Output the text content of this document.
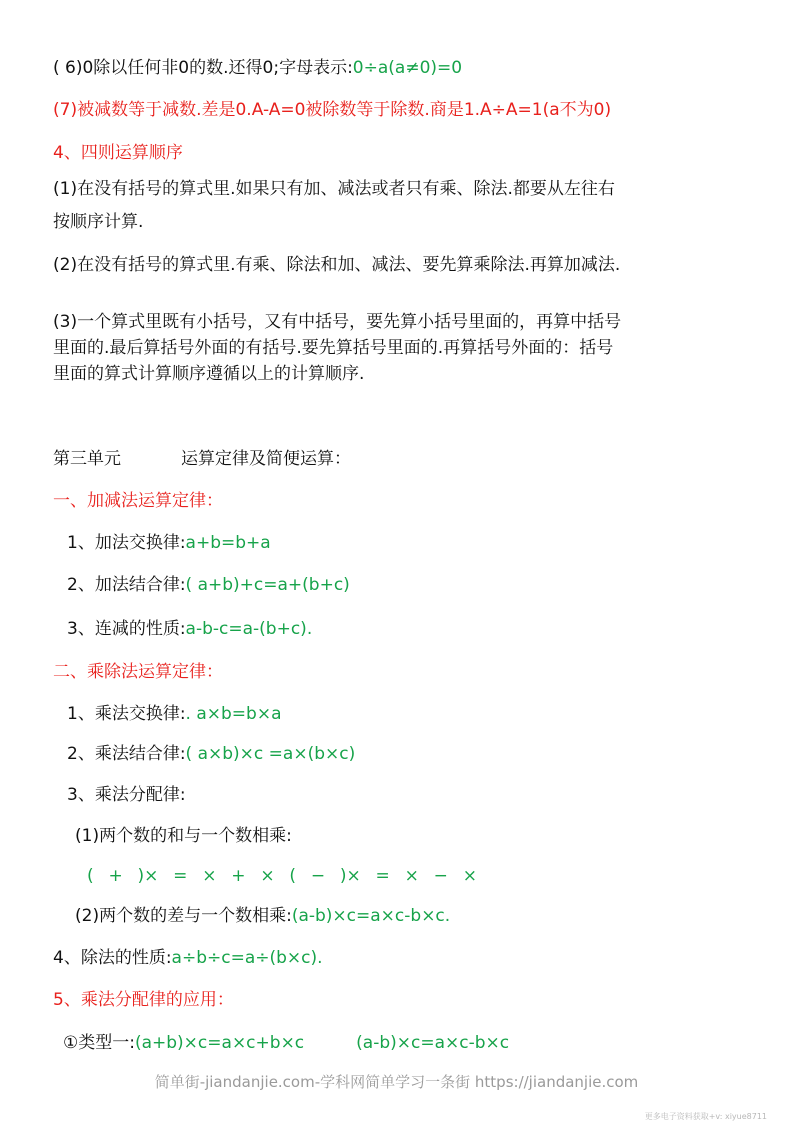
( 6)0除以任何非0的数.还得0;字母表示:0÷a(a≠0)=0
(7)被减数等于减数.差是0.A-A=0被除数等于除数.商是1.A÷A=1(a不为0)
4、四则运算顺序
(1)在没有括号的算式里.如果只有加、减法或者只有乘、除法.都要从左往右
按顺序计算.
(2)在没有括号的算式里.有乘、除法和加、减法、要先算乘除法.再算加减法.
(3)一个算式里既有小括号，又有中括号，要先算小括号里面的，再算中括号
里面的.最后算括号外面的有括号.要先算括号里面的.再算括号外面的：括号
里面的算式计算顺序遵循以上的计算顺序.
第三单元	运算定律及简便运算：
一、加减法运算定律：
1、加法交换律:a+b=b+a
2、加法结合律:( a+b)+c=a+(b+c)
3、连减的性质:a-b-c=a-(b+c).
二、乘除法运算定律：
1、乘法交换律:. a×b=b×a
2、乘法结合律:( a×b)×c =a×(b×c)
3、乘法分配律:
(1)两个数的和与一个数相乘:
(  +  )×  =  ×  +  ×  (  −  )×  =  ×  −  ×
(2)两个数的差与一个数相乘:(a-b)×c=a×c-b×c.
4、除法的性质:a÷b÷c=a÷(b×c).
5、乘法分配律的应用：
①类型一:(a+b)×c=a×c+b×c	(a-b)×c=a×c-b×c
简单街-jiandanjie.com-学科网简单学习一条街 https://jiandanjie.com
更多电子资料获取+v: xiyue8711
